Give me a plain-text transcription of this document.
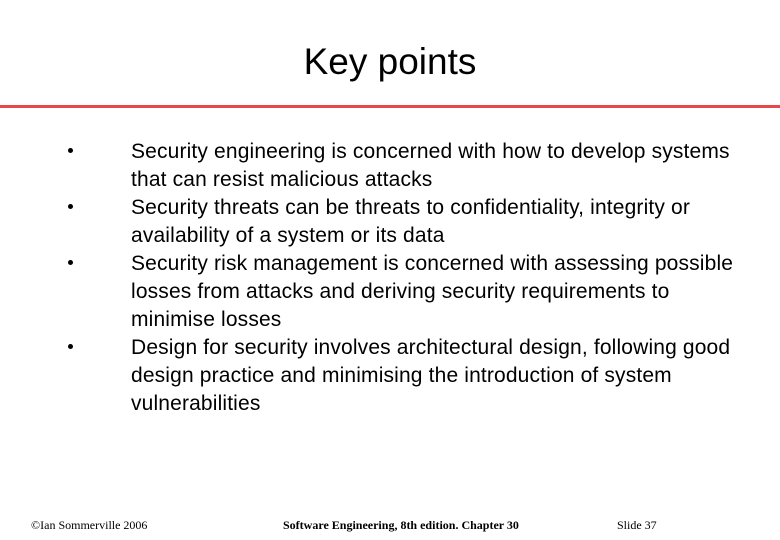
Key points
Security engineering is concerned with how to develop systems that can resist malicious attacks
Security threats can be threats to confidentiality, integrity or availability of a system or its data
Security risk management is concerned with assessing possible losses from attacks and deriving security requirements to minimise losses
Design for security involves architectural design, following good design practice and minimising the introduction of system vulnerabilities
©Ian Sommerville 2006	Software Engineering, 8th edition. Chapter 30	Slide 37
